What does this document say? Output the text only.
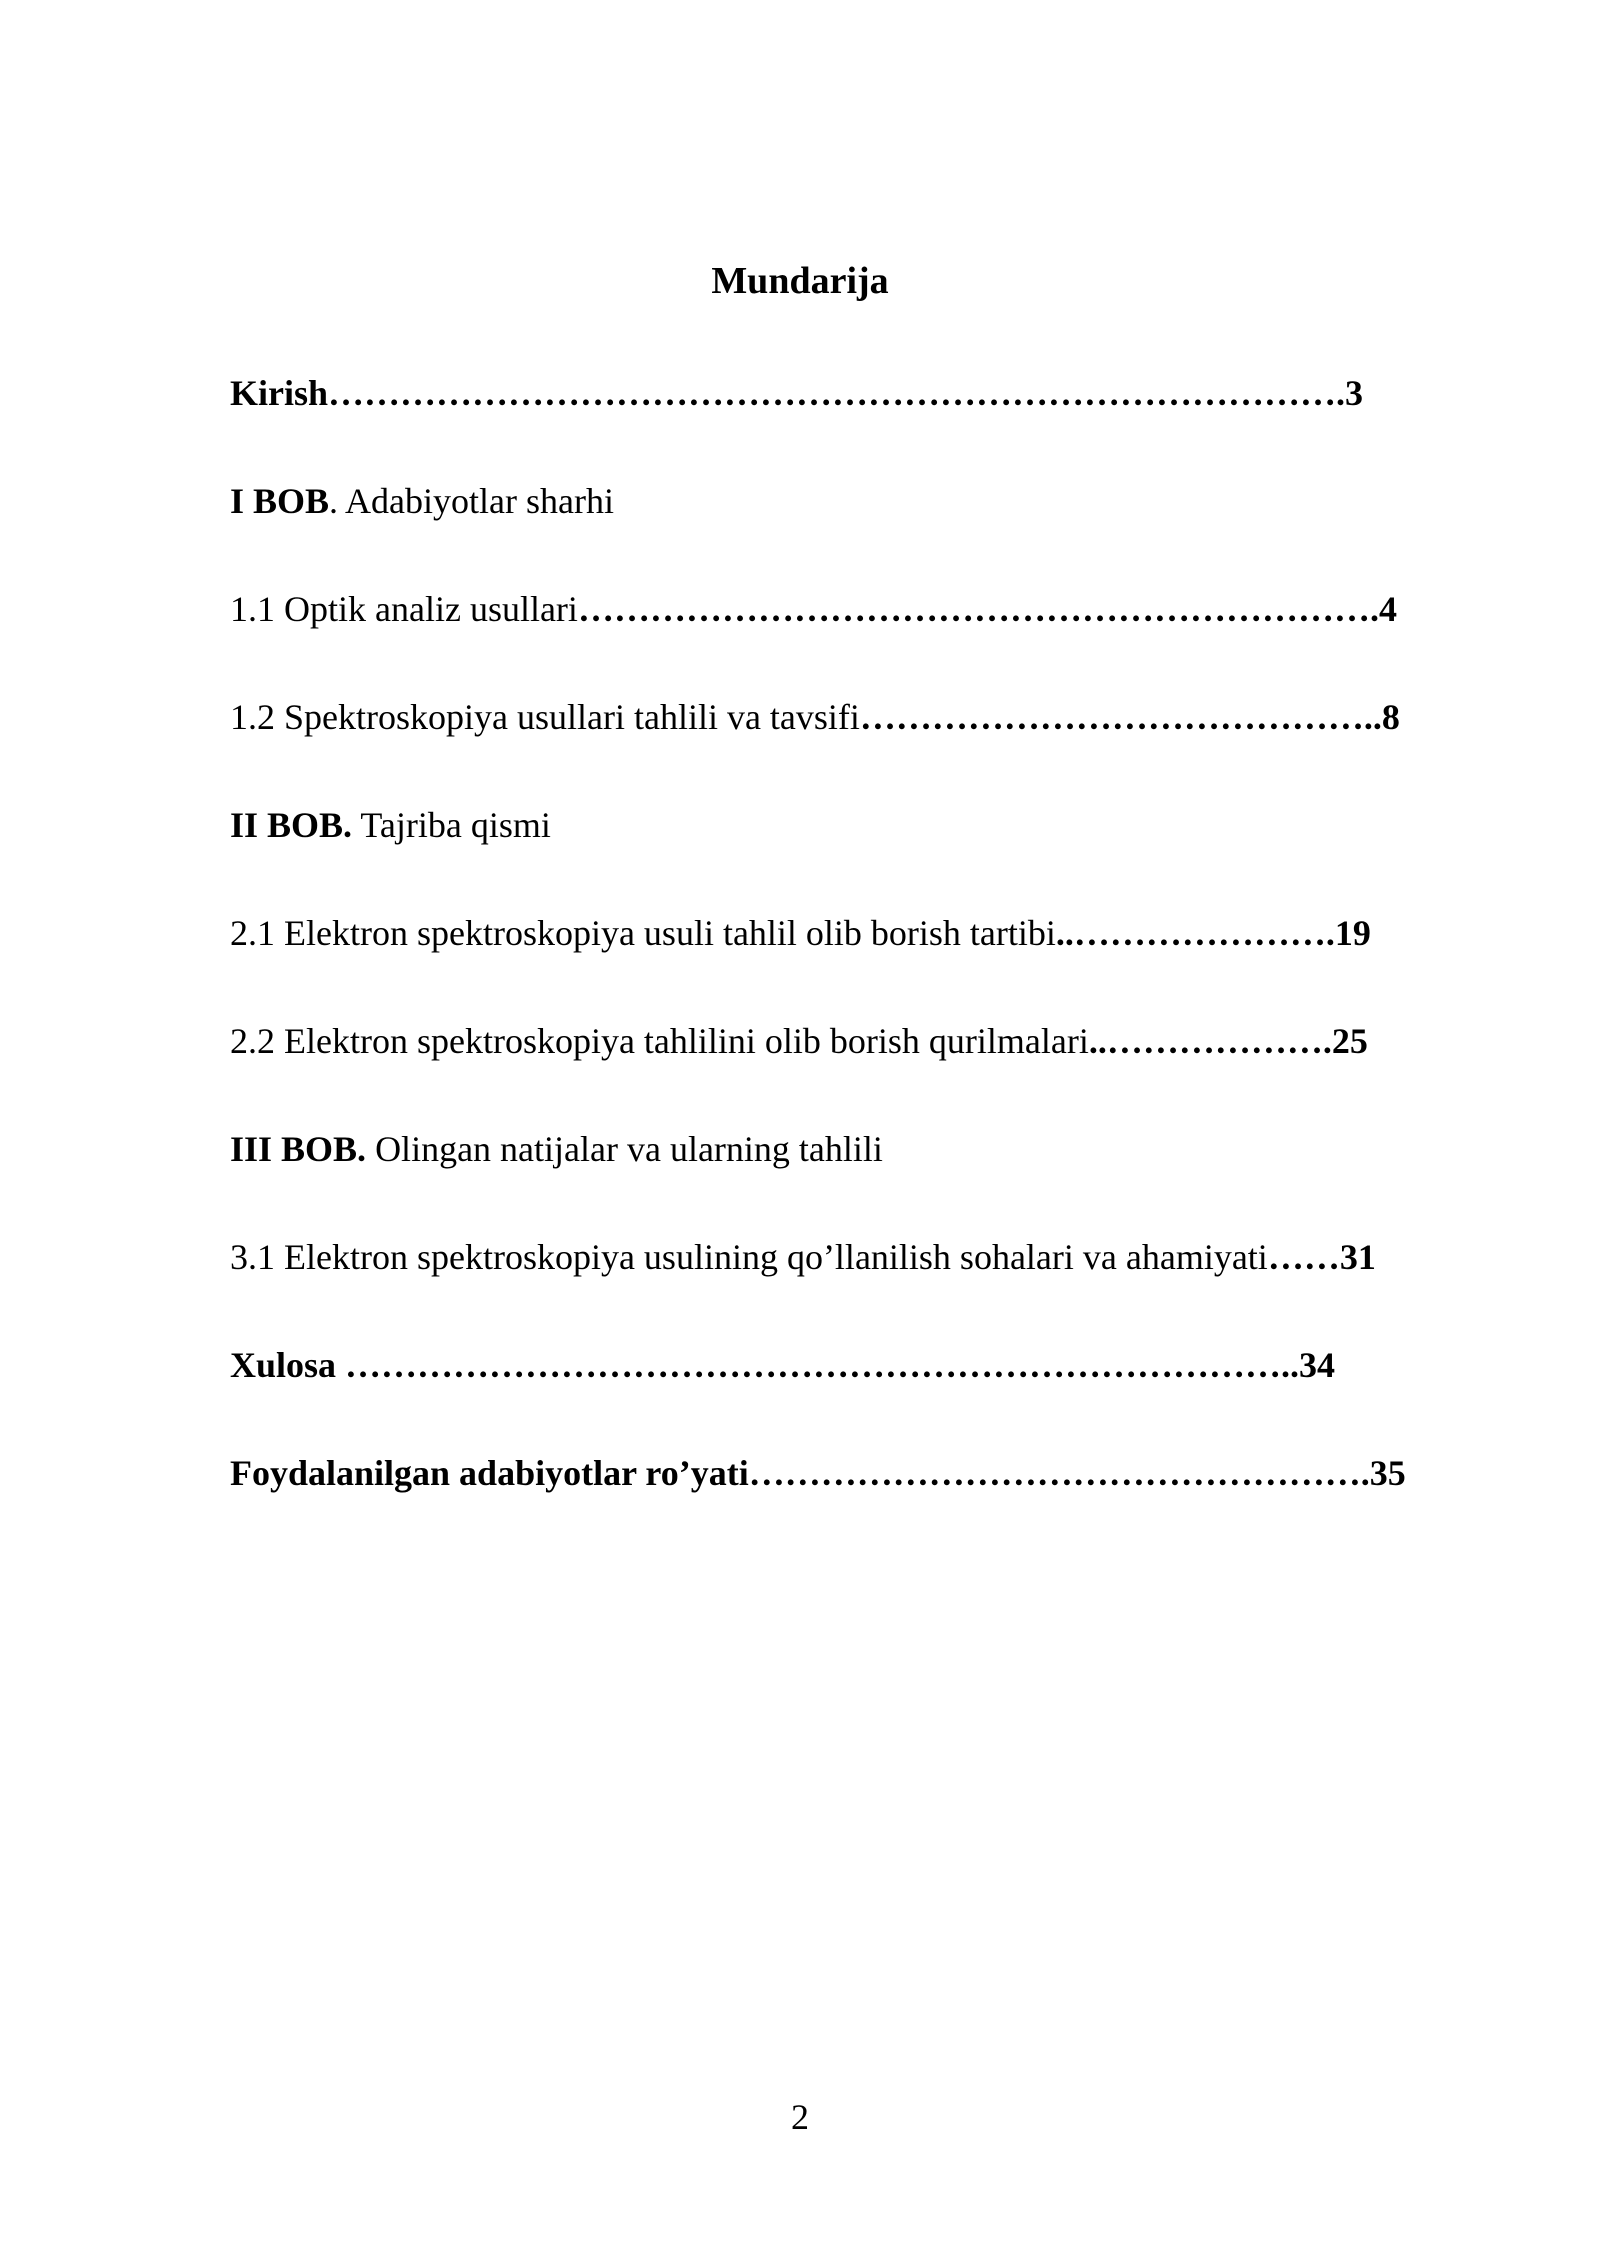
Mundarija
Kirish………………………………………………………………………….3
I BOB. Adabiyotlar sharhi
1.1 Optik analiz usullari………………………………………………………….4
1.2 Spektroskopiya usullari tahlili va tavsifi……………………………………..8
II BOB. Tajriba qismi
2.1 Elektron spektroskopiya usuli tahlil olib borish tartibi..………………….19
2.2 Elektron spektroskopiya tahlilini olib borish qurilmalari..……………….25
III BOB. Olingan natijalar va ularning tahlili
3.1 Elektron spektroskopiya usulining qo’llanilish sohalari va ahamiyati……31
Xulosa ……………………………………………………………………..34
Foydalanilgan adabiyotlar ro’yati…………………………………………….35
2
